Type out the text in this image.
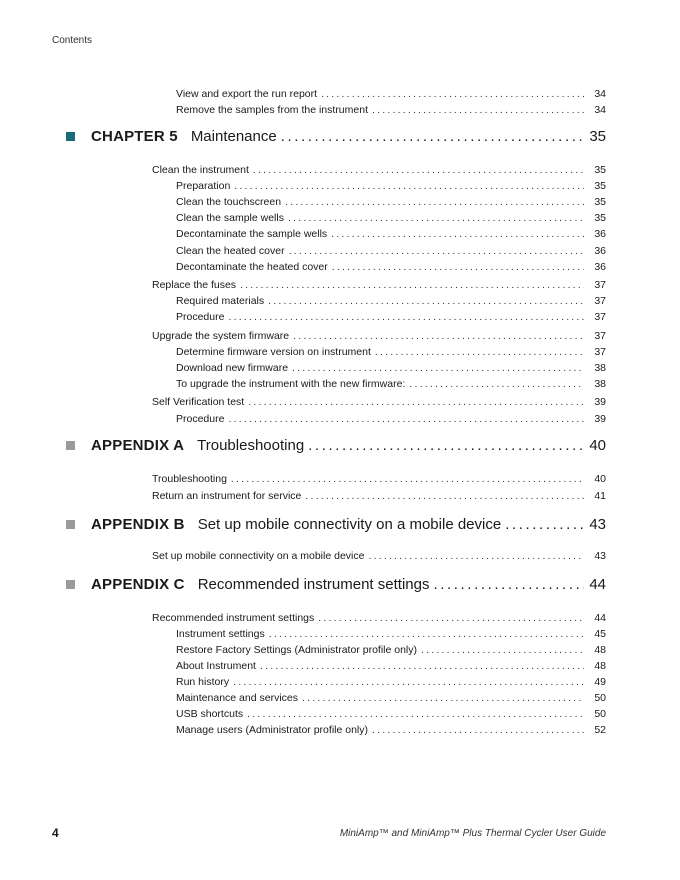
Contents
View and export the run report .....	34
Remove the samples from the instrument .....	34
CHAPTER 5 Maintenance .....	35
Clean the instrument .....	35
Preparation .....	35
Clean the touchscreen .....	35
Clean the sample wells .....	35
Decontaminate the sample wells .....	36
Clean the heated cover .....	36
Decontaminate the heated cover .....	36
Replace the fuses .....	37
Required materials .....	37
Procedure .....	37
Upgrade the system firmware .....	37
Determine firmware version on instrument .....	37
Download new firmware .....	38
To upgrade the instrument with the new firmware: .....	38
Self Verification test .....	39
Procedure .....	39
APPENDIX A Troubleshooting .....	40
Troubleshooting .....	40
Return an instrument for service .....	41
APPENDIX B Set up mobile connectivity on a mobile device .....	43
Set up mobile connectivity on a mobile device .....	43
APPENDIX C Recommended instrument settings .....	44
Recommended instrument settings .....	44
Instrument settings .....	45
Restore Factory Settings (Administrator profile only) .....	48
About Instrument .....	48
Run history .....	49
Maintenance and services .....	50
USB shortcuts .....	50
Manage users (Administrator profile only) .....	52
4	MiniAmp™ and MiniAmp™ Plus Thermal Cycler User Guide
